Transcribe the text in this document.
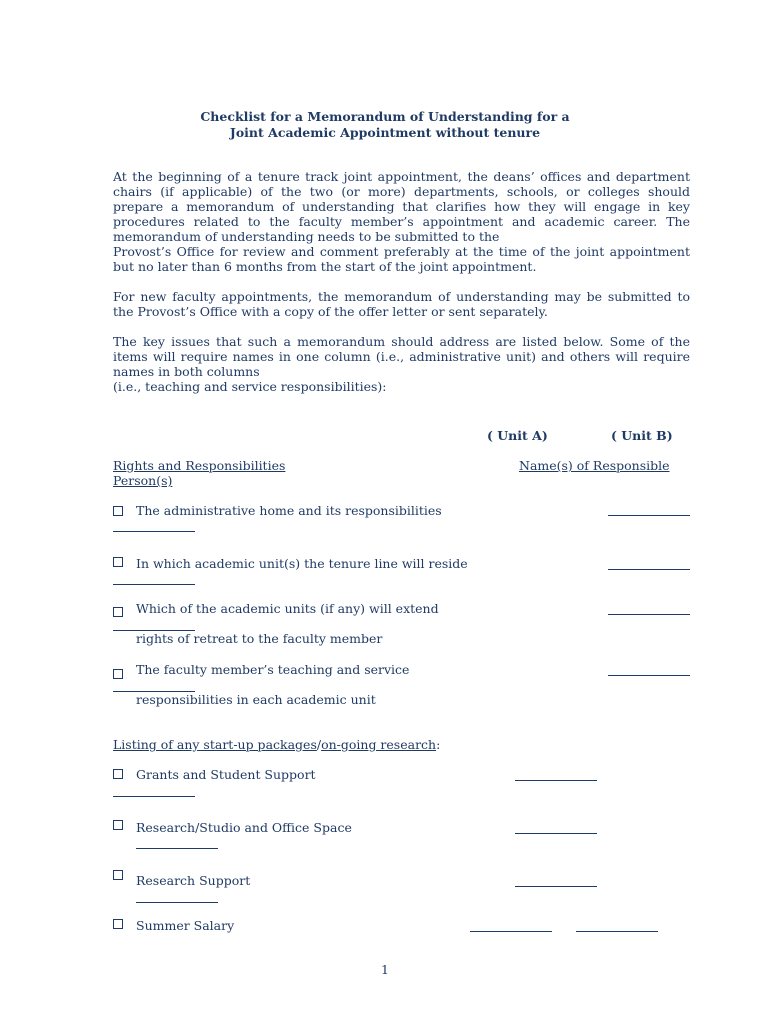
Checklist for a Memorandum of Understanding for a
Joint Academic Appointment without tenure
At the beginning of a tenure track joint appointment, the deans’ offices and department
chairs (if applicable) of the two (or more) departments, schools, or colleges should
prepare a memorandum of understanding that clarifies how they will engage in key
procedures related to the faculty member’s appointment and academic career. The
memorandum of understanding needs to be submitted to the
Provost’s Office for review and comment preferably at the time of the joint appointment
but no later than 6 months from the start of the joint appointment.
For new faculty appointments, the memorandum of understanding may be submitted to
the Provost’s Office with a copy of the offer letter or sent separately.
The key issues that such a memorandum should address are listed below. Some of the
items will require names in one column (i.e., administrative unit) and others will require
names in both columns
(i.e., teaching and service responsibilities):
( Unit A)	( Unit B)
Rights and Responsibilities	Name(s) of Responsible
Person(s)
The administrative home and its responsibilities
In which academic unit(s) the tenure line will reside
Which of the academic units (if any) will extend
rights of retreat to the faculty member
The faculty member’s teaching and service
responsibilities in each academic unit
Listing of any start-up packages/on-going research:
Grants and Student Support
Research/Studio and Office Space
Research Support
Summer Salary
1
